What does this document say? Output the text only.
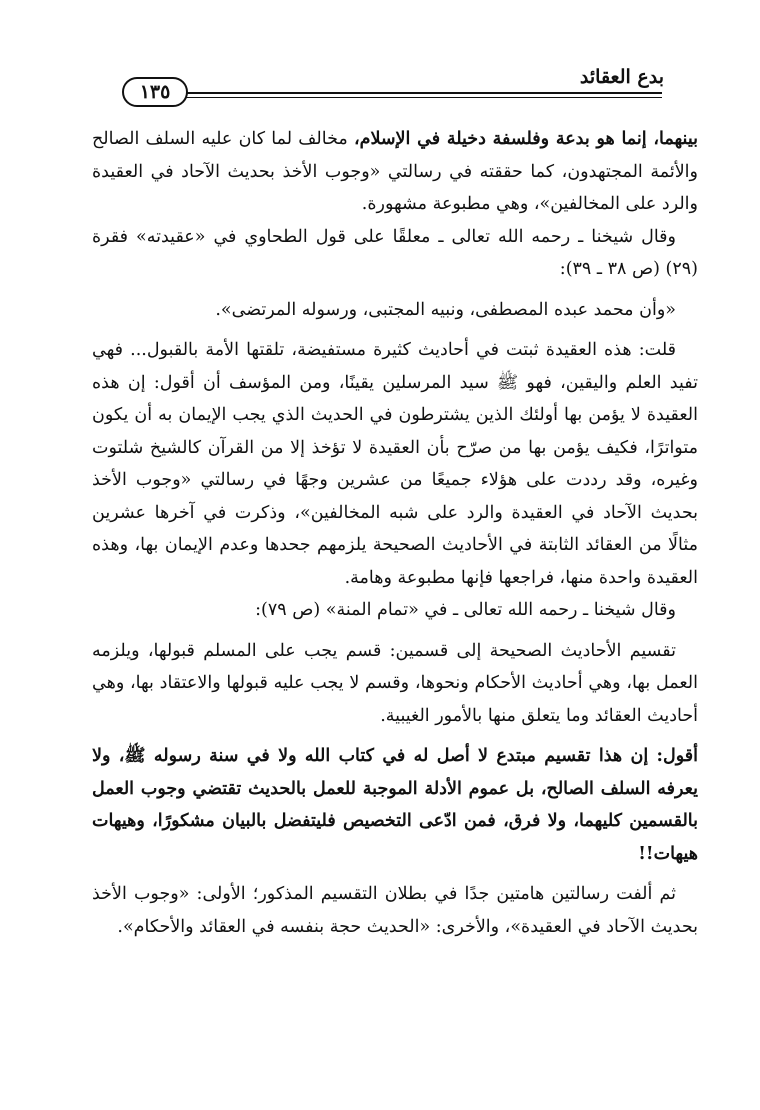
بدع العقائد
١٣٥

بينهما، إنما هو بدعة وفلسفة دخيلة في الإسلام، مخالف لما كان عليه السلف الصالح والأئمة المجتهدون، كما حققته في رسالتي «وجوب الأخذ بحديث الآحاد في العقيدة والرد على المخالفين»، وهي مطبوعة مشهورة.

وقال شيخنا ـ رحمه الله تعالى ـ معلقًا على قول الطحاوي في «عقيدته» فقرة (٢٩) (ص ٣٨ ـ ٣٩):

«وأن محمد عبده المصطفى، ونبيه المجتبى، ورسوله المرتضى».

قلت: هذه العقيدة ثبتت في أحاديث كثيرة مستفيضة، تلقتها الأمة بالقبول... فهي تفيد العلم واليقين، فهو ﷺ سيد المرسلين يقينًا، ومن المؤسف أن أقول: إن هذه العقيدة لا يؤمن بها أولئك الذين يشترطون في الحديث الذي يجب الإيمان به أن يكون متواترًا، فكيف يؤمن بها من صرّح بأن العقيدة لا تؤخذ إلا من القرآن كالشيخ شلتوت وغيره، وقد رددت على هؤلاء جميعًا من عشرين وجهًا في رسالتي «وجوب الأخذ بحديث الآحاد في العقيدة والرد على شبه المخالفين»، وذكرت في آخرها عشرين مثالًا من العقائد الثابتة في الأحاديث الصحيحة يلزمهم جحدها وعدم الإيمان بها، وهذه العقيدة واحدة منها، فراجعها فإنها مطبوعة وهامة.

وقال شيخنا ـ رحمه الله تعالى ـ في «تمام المنة» (ص ٧٩):

تقسيم الأحاديث الصحيحة إلى قسمين: قسم يجب على المسلم قبولها، ويلزمه العمل بها، وهي أحاديث الأحكام ونحوها، وقسم لا يجب عليه قبولها والاعتقاد بها، وهي أحاديث العقائد وما يتعلق منها بالأمور الغيبية.

أقول: إن هذا تقسيم مبتدع لا أصل له في كتاب الله ولا في سنة رسوله ﷺ، ولا يعرفه السلف الصالح، بل عموم الأدلة الموجبة للعمل بالحديث تقتضي وجوب العمل بالقسمين كليهما، ولا فرق، فمن ادّعى التخصيص فليتفضل بالبيان مشكورًا، وهيهات هيهات!!

ثم ألفت رسالتين هامتين جدًا في بطلان التقسيم المذكور؛ الأولى: «وجوب الأخذ بحديث الآحاد في العقيدة»، والأخرى: «الحديث حجة بنفسه في العقائد والأحكام».
